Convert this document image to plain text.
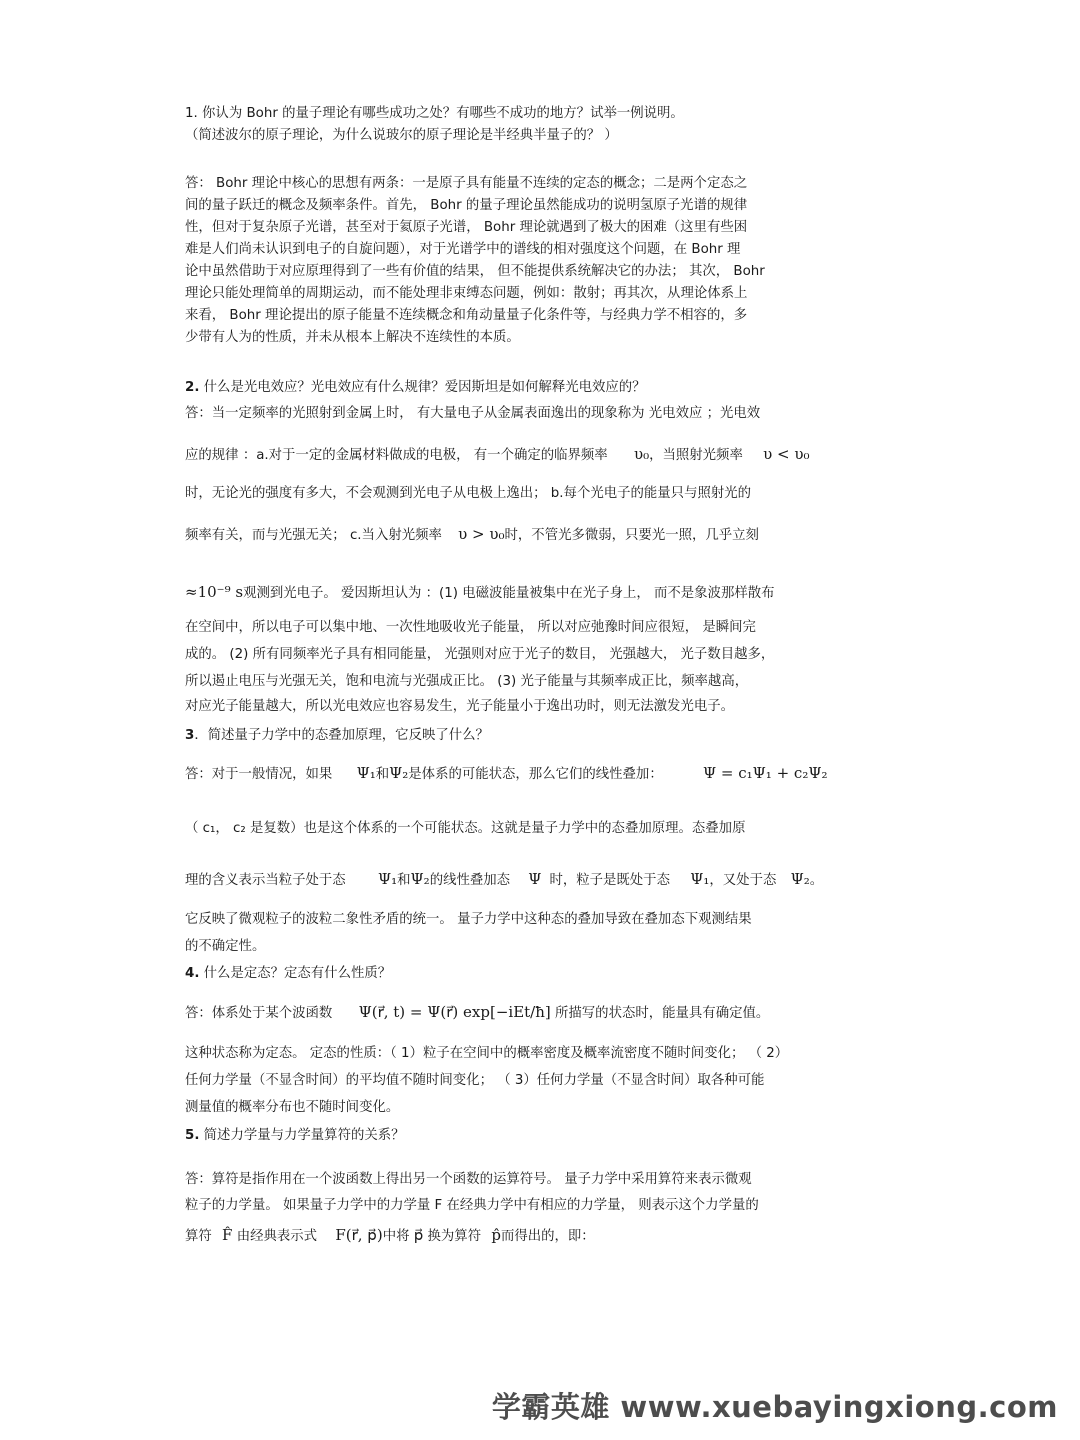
1. 你认为 Bohr 的量子理论有哪些成功之处？有哪些不成功的地方？试举一例说明。
（简述波尔的原子理论，为什么说玻尔的原子理论是半经典半量子的？ ）
答： Bohr 理论中核心的思想有两条：一是原子具有能量不连续的定态的概念；二是两个定态之
间的量子跃迁的概念及频率条件。首先， Bohr 的量子理论虽然能成功的说明氢原子光谱的规律
性，但对于复杂原子光谱，甚至对于氦原子光谱， Bohr 理论就遇到了极大的困难（这里有些困
难是人们尚未认识到电子的自旋问题），对于光谱学中的谱线的相对强度这个问题，在 Bohr 理
论中虽然借助于对应原理得到了一些有价值的结果， 但不能提供系统解决它的办法； 其次， Bohr
理论只能处理简单的周期运动，而不能处理非束缚态问题，例如：散射；再其次，从理论体系上
来看， Bohr 理论提出的原子能量不连续概念和角动量量子化条件等，与经典力学不相容的，多
少带有人为的性质，并未从根本上解决不连续性的本质。
2. 什么是光电效应？光电效应有什么规律？爱因斯坦是如何解释光电效应的？
答：当一定频率的光照射到金属上时， 有大量电子从金属表面逸出的现象称为 光电效应 ；光电效
应的规律 ：a.对于一定的金属材料做成的电极， 有一个确定的临界频率 υ₀，当照射光频率 υ < υ₀
时，无论光的强度有多大，不会观测到光电子从电极上逸出； b.每个光电子的能量只与照射光的
频率有关，而与光强无关； c.当入射光频率 υ > υ₀时，不管光多微弱，只要光一照，几乎立刻
≈10⁻⁹ s观测到光电子。 爱因斯坦认为 ：(1) 电磁波能量被集中在光子身上， 而不是象波那样散布
在空间中，所以电子可以集中地、一次性地吸收光子能量， 所以对应弛豫时间应很短， 是瞬间完
成的。 (2) 所有同频率光子具有相同能量， 光强则对应于光子的数目， 光强越大， 光子数目越多，
所以遏止电压与光强无关，饱和电流与光强成正比。 (3) 光子能量与其频率成正比，频率越高，
对应光子能量越大，所以光电效应也容易发生，光子能量小于逸出功时，则无法激发光电子。
3．简述量子力学中的态叠加原理，它反映了什么？
答：对于一般情况，如果 Ψ₁和Ψ₂是体系的可能状态，那么它们的线性叠加：	Ψ = c₁Ψ₁ + c₂Ψ₂
（ c₁， c₂ 是复数）也是这个体系的一个可能状态。这就是量子力学中的态叠加原理。态叠加原
理的含义表示当粒子处于态 Ψ₁和Ψ₂的线性叠加态 Ψ 时，粒子是既处于态 Ψ₁，又处于态 Ψ₂。
它反映了微观粒子的波粒二象性矛盾的统一。 量子力学中这种态的叠加导致在叠加态下观测结果
的不确定性。
4. 什么是定态？定态有什么性质？
答：体系处于某个波函数 Ψ(r⃗, t) = Ψ(r⃗) exp[−iEt/ħ] 所描写的状态时，能量具有确定值。
这种状态称为定态。 定态的性质：（ 1）粒子在空间中的概率密度及概率流密度不随时间变化； （ 2）
任何力学量（不显含时间）的平均值不随时间变化； （ 3）任何力学量（不显含时间）取各种可能
测量值的概率分布也不随时间变化。
5. 简述力学量与力学量算符的关系？
答：算符是指作用在一个波函数上得出另一个函数的运算符号。 量子力学中采用算符来表示微观
粒子的力学量。 如果量子力学中的力学量 F 在经典力学中有相应的力学量， 则表示这个力学量的
算符 F̂ 由经典表示式 F(r⃗, p⃗)中将 p⃗ 换为算符 p̂而得出的，即：
学霸英雄 www.xuebayingxiong.com
